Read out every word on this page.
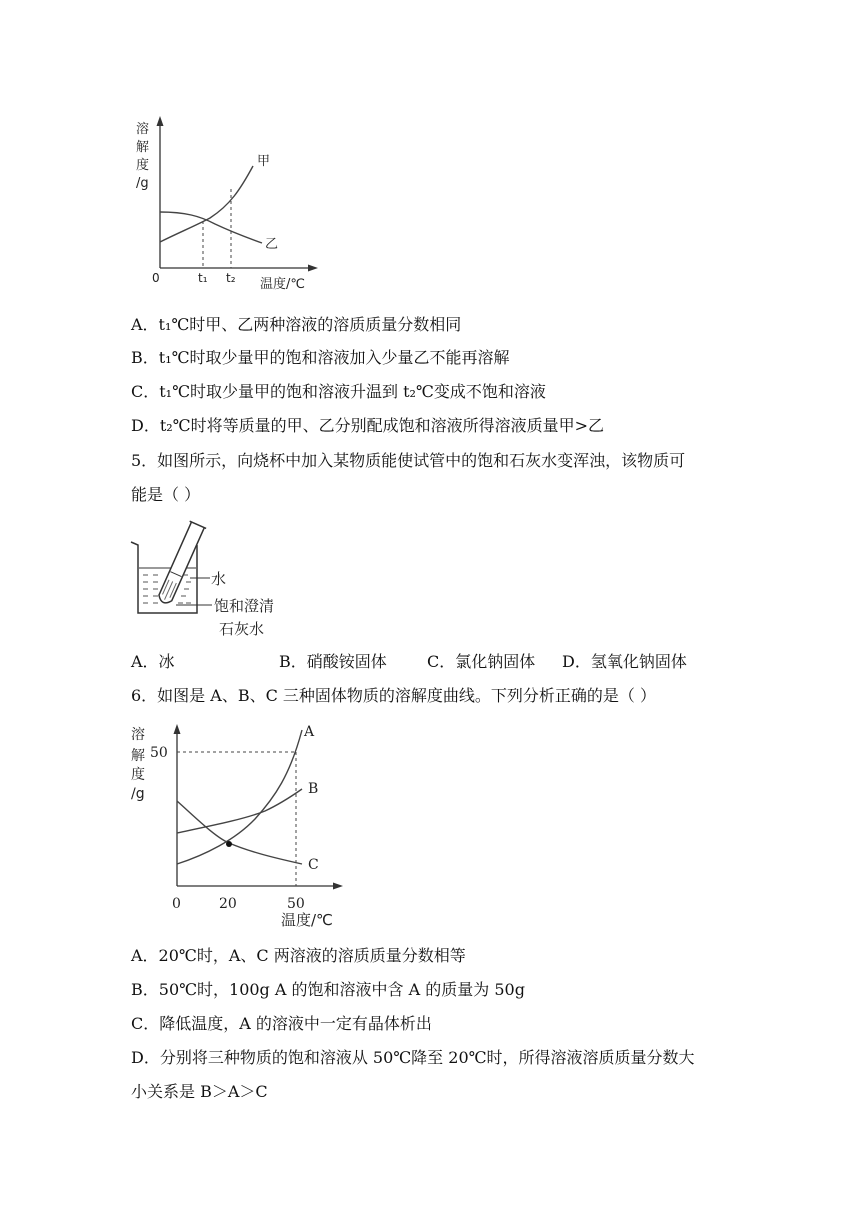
溶
解
度
/g
0	t₁ t₂ 温度/℃
甲
乙
A．t₁℃时甲、乙两种溶液的溶质质量分数相同
B．t₁℃时取少量甲的饱和溶液加入少量乙不能再溶解
C．t₁℃时取少量甲的饱和溶液升温到 t₂℃变成不饱和溶液
D．t₂℃时将等质量的甲、乙分别配成饱和溶液所得溶液质量甲>乙
5．如图所示，向烧杯中加入某物质能使试管中的饱和石灰水变浑浊，该物质可
能是（ ）
水
饱和澄清
石灰水
A．冰	B．硝酸铵固体	C．氯化钠固体 D．氢氧化钠固体
6．如图是 A、B、C 三种固体物质的溶解度曲线。下列分析正确的是（ ）
溶
解
度
/g
50
0	20	50
温度/℃
A
B
C
A．20℃时，A、C 两溶液的溶质质量分数相等
B．50℃时，100g A 的饱和溶液中含 A 的质量为 50g
C．降低温度，A 的溶液中一定有晶体析出
D．分别将三种物质的饱和溶液从 50℃降至 20℃时，所得溶液溶质质量分数大
小关系是 B＞A＞C
